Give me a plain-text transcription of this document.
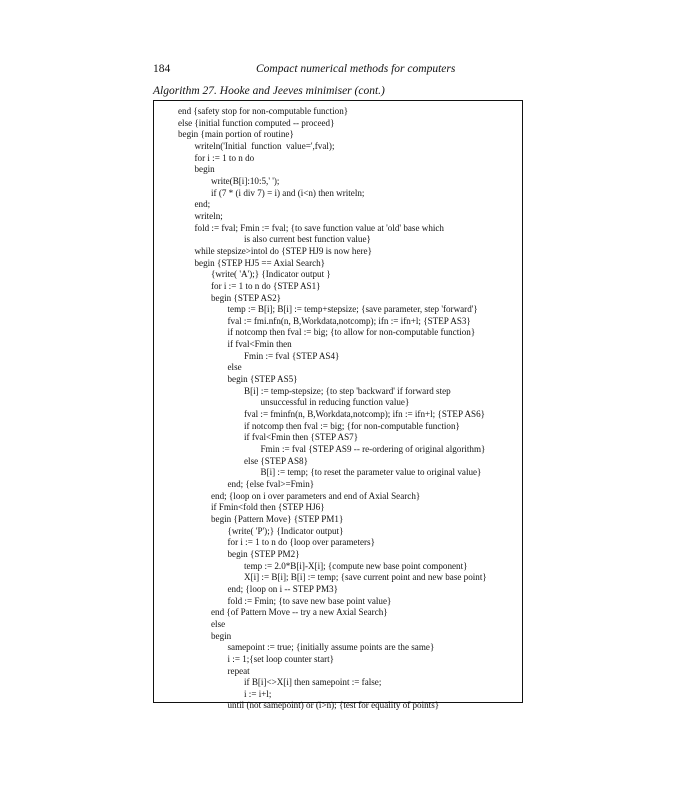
184	Compact numerical methods for computers
Algorithm 27. Hooke and Jeeves minimiser (cont.)
end {safety stop for non-computable function}
else {initial function computed -- proceed}
begin {main portion of routine}
writeln('Initial  function  value=',fval);
for i := 1 to n do
begin
write(B[i]:10:5,' ');
if (7 * (i div 7) = i) and (i<n) then writeln;
end;
writeln;
fold := fval; Fmin := fval; {to save function value at 'old' base which
is also current best function value}
while stepsize>intol do {STEP HJ9 is now here}
begin {STEP HJ5 == Axial Search}
{write( 'A');} {Indicator output }
for i := 1 to n do {STEP AS1}
begin {STEP AS2}
temp := B[i]; B[i] := temp+stepsize; {save parameter, step 'forward'}
fval := fmi.nfn(n, B,Workdata,notcomp); ifn := ifn+l; {STEP AS3}
if notcomp then fval := big; {to allow for non-computable function}
if fval<Fmin then
Fmin := fval {STEP AS4}
else
begin {STEP AS5}
B[i] := temp-stepsize; {to step 'backward' if forward step
unsuccessful in reducing function value}
fval := fminfn(n, B,Workdata,notcomp); ifn := ifn+l; {STEP AS6}
if notcomp then fval := big; {for non-computable function}
if fval<Fmin then {STEP AS7}
Fmin := fval {STEP AS9 -- re-ordering of original algorithm}
else {STEP AS8}
B[i] := temp; {to reset the parameter value to original value}
end; {else fval>=Fmin}
end; {loop on i over parameters and end of Axial Search}
if Fmin<fold then {STEP HJ6}
begin {Pattern Move} {STEP PM1}
{write( 'P');} {Indicator output}
for i := 1 to n do {loop over parameters}
begin {STEP PM2}
temp := 2.0*B[i]-X[i]; {compute new base point component}
X[i] := B[i]; B[i] := temp; {save current point and new base point}
end; {loop on i -- STEP PM3}
fold := Fmin; {to save new base point value}
end {of Pattern Move -- try a new Axial Search}
else
begin
samepoint := true; {initially assume points are the same}
i := 1;{set loop counter start}
repeat
if B[i]<>X[i] then samepoint := false;
i := i+l;
until (not samepoint) or (i>n); {test for equality of points}
